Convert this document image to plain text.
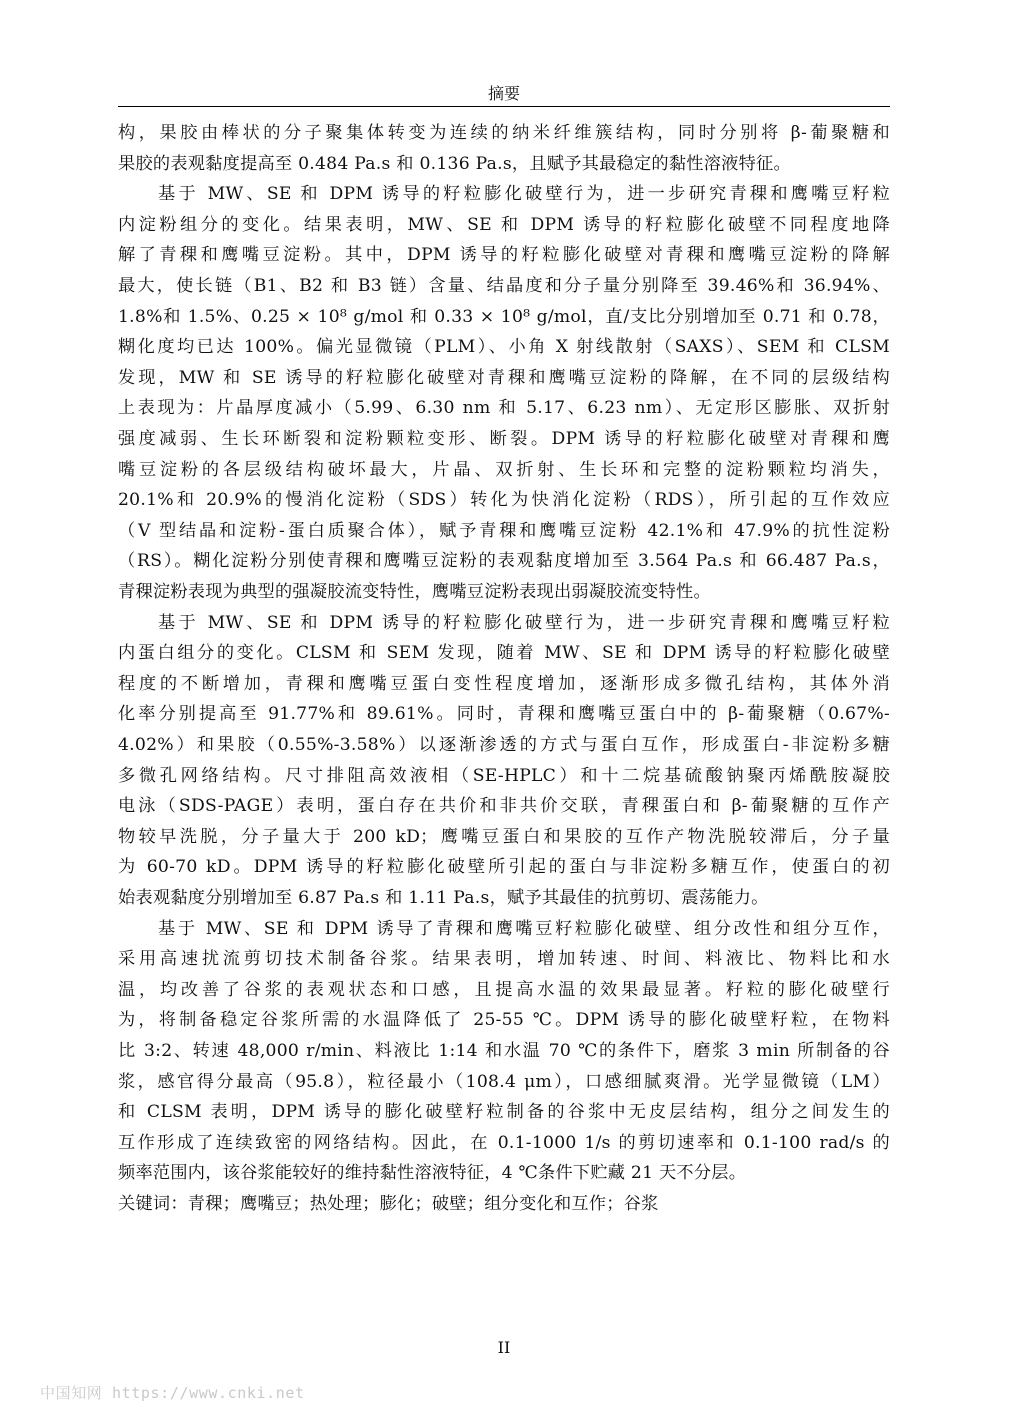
摘要
构，果胶由棒状的分子聚集体转变为连续的纳米纤维簇结构，同时分别将 β-葡聚糖和
果胶的表观黏度提高至 0.484 Pa.s 和 0.136 Pa.s，且赋予其最稳定的黏性溶液特征。
基于 MW、SE 和 DPM 诱导的籽粒膨化破壁行为，进一步研究青稞和鹰嘴豆籽粒
内淀粉组分的变化。结果表明，MW、SE 和 DPM 诱导的籽粒膨化破壁不同程度地降
解了青稞和鹰嘴豆淀粉。其中，DPM 诱导的籽粒膨化破壁对青稞和鹰嘴豆淀粉的降解
最大，使长链（B1、B2 和 B3 链）含量、结晶度和分子量分别降至 39.46%和 36.94%、
1.8%和 1.5%、0.25 × 10⁸ g/mol 和 0.33 × 10⁸ g/mol，直/支比分别增加至 0.71 和 0.78，
糊化度均已达 100%。偏光显微镜（PLM）、小角 X 射线散射（SAXS）、SEM 和 CLSM
发现，MW 和 SE 诱导的籽粒膨化破壁对青稞和鹰嘴豆淀粉的降解，在不同的层级结构
上表现为：片晶厚度减小（5.99、6.30 nm 和 5.17、6.23 nm）、无定形区膨胀、双折射
强度减弱、生长环断裂和淀粉颗粒变形、断裂。DPM 诱导的籽粒膨化破壁对青稞和鹰
嘴豆淀粉的各层级结构破坏最大，片晶、双折射、生长环和完整的淀粉颗粒均消失，
20.1%和 20.9%的慢消化淀粉（SDS）转化为快消化淀粉（RDS），所引起的互作效应
（V 型结晶和淀粉-蛋白质聚合体），赋予青稞和鹰嘴豆淀粉 42.1%和 47.9%的抗性淀粉
（RS）。糊化淀粉分别使青稞和鹰嘴豆淀粉的表观黏度增加至 3.564 Pa.s 和 66.487 Pa.s，
青稞淀粉表现为典型的强凝胶流变特性，鹰嘴豆淀粉表现出弱凝胶流变特性。
基于 MW、SE 和 DPM 诱导的籽粒膨化破壁行为，进一步研究青稞和鹰嘴豆籽粒
内蛋白组分的变化。CLSM 和 SEM 发现，随着 MW、SE 和 DPM 诱导的籽粒膨化破壁
程度的不断增加，青稞和鹰嘴豆蛋白变性程度增加，逐渐形成多微孔结构，其体外消
化率分别提高至 91.77%和 89.61%。同时，青稞和鹰嘴豆蛋白中的 β-葡聚糖（0.67%-
4.02%）和果胶（0.55%-3.58%）以逐渐渗透的方式与蛋白互作，形成蛋白-非淀粉多糖
多微孔网络结构。尺寸排阻高效液相（SE-HPLC）和十二烷基硫酸钠聚丙烯酰胺凝胶
电泳（SDS-PAGE）表明，蛋白存在共价和非共价交联，青稞蛋白和 β-葡聚糖的互作产
物较早洗脱，分子量大于 200 kD；鹰嘴豆蛋白和果胶的互作产物洗脱较滞后，分子量
为 60-70 kD。DPM 诱导的籽粒膨化破壁所引起的蛋白与非淀粉多糖互作，使蛋白的初
始表观黏度分别增加至 6.87 Pa.s 和 1.11 Pa.s，赋予其最佳的抗剪切、震荡能力。
基于 MW、SE 和 DPM 诱导了青稞和鹰嘴豆籽粒膨化破壁、组分改性和组分互作，
采用高速扰流剪切技术制备谷浆。结果表明，增加转速、时间、料液比、物料比和水
温，均改善了谷浆的表观状态和口感，且提高水温的效果最显著。籽粒的膨化破壁行
为，将制备稳定谷浆所需的水温降低了 25-55 ℃。DPM 诱导的膨化破壁籽粒，在物料
比 3:2、转速 48,000 r/min、料液比 1:14 和水温 70 ℃的条件下，磨浆 3 min 所制备的谷
浆，感官得分最高（95.8），粒径最小（108.4 μm），口感细腻爽滑。光学显微镜（LM）
和 CLSM 表明，DPM 诱导的膨化破壁籽粒制备的谷浆中无皮层结构，组分之间发生的
互作形成了连续致密的网络结构。因此，在 0.1-1000 1/s 的剪切速率和 0.1-100 rad/s 的
频率范围内，该谷浆能较好的维持黏性溶液特征，4 ℃条件下贮藏 21 天不分层。
关键词：青稞；鹰嘴豆；热处理；膨化；破壁；组分变化和互作；谷浆
II
中国知网 https://www.cnki.net
